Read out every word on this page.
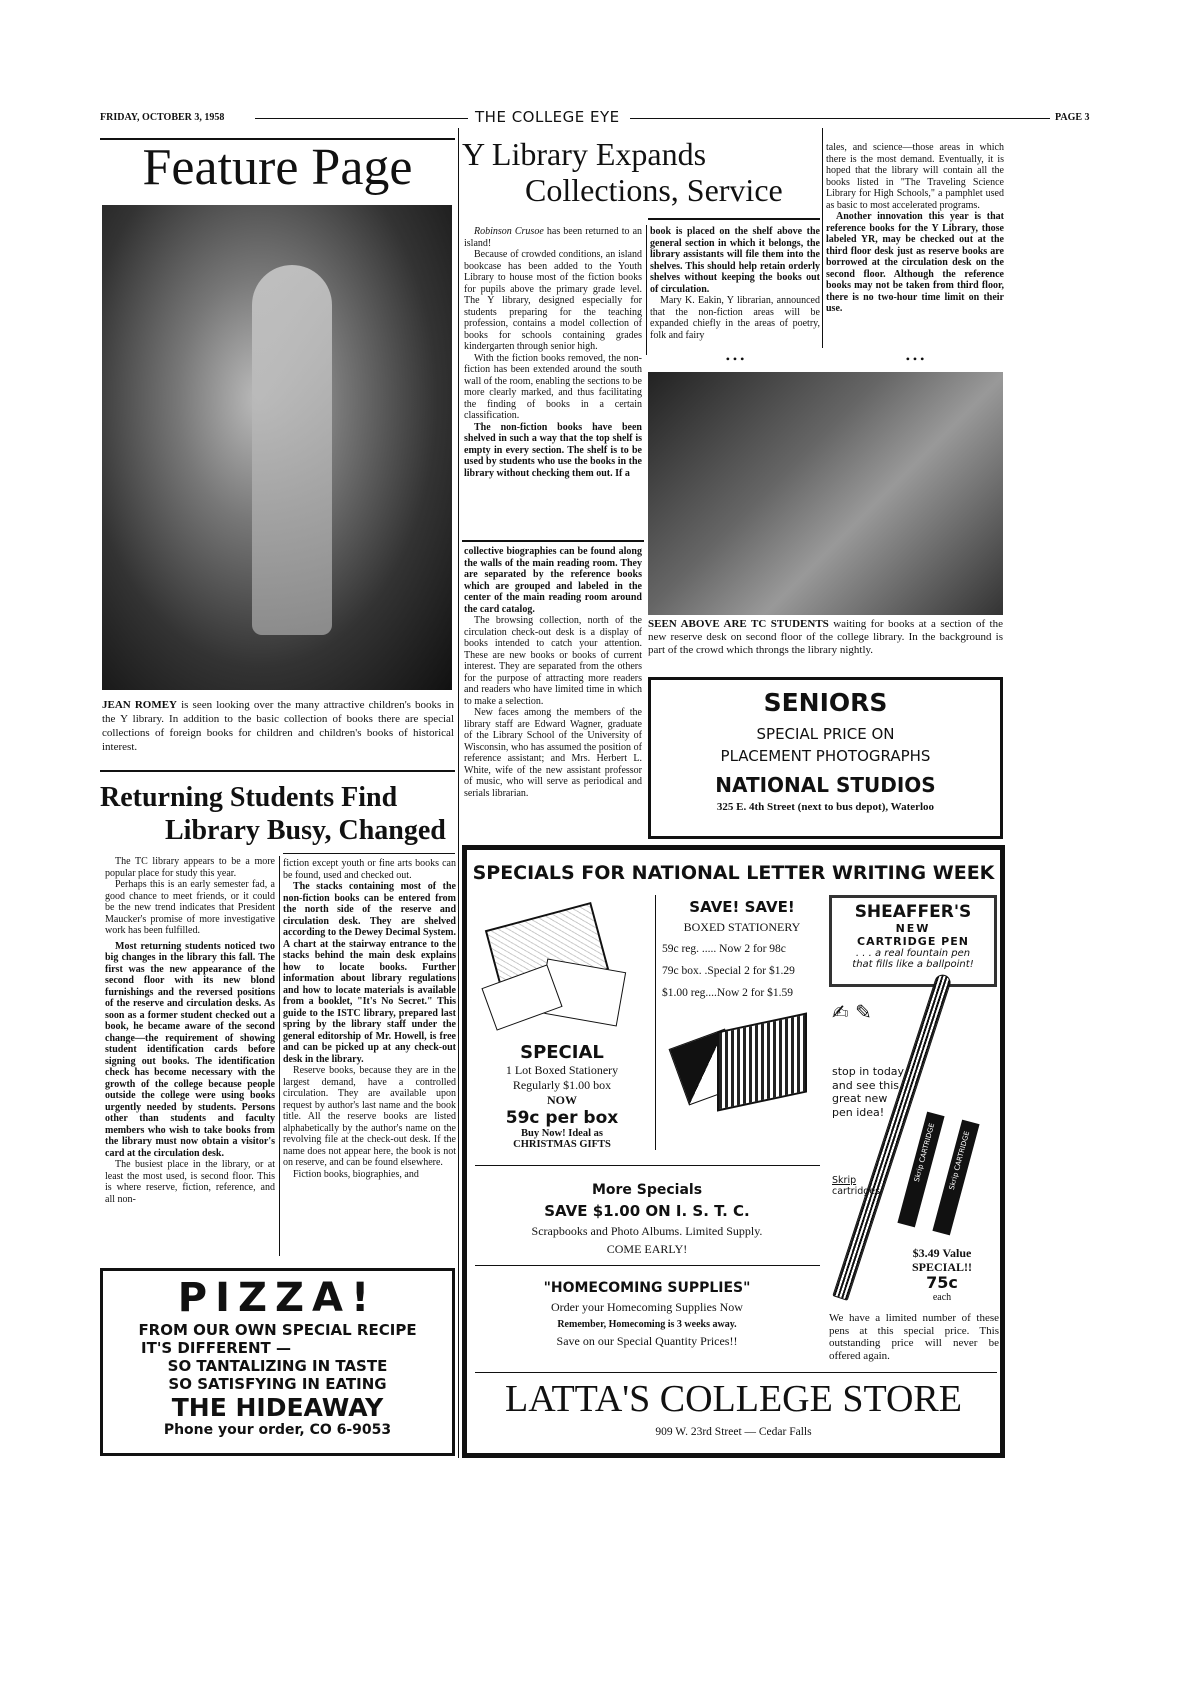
FRIDAY, OCTOBER 3, 1958	THE COLLEGE EYE	PAGE 3
Feature Page
JEAN ROMEY is seen looking over the many attractive children's books in the Y library. In addition to the basic collection of books there are special collections of foreign books for children and children's books of historical interest.
Returning Students Find
Library Busy, Changed

The TC library appears to be a more popular place for study this year.

Perhaps this is an early semester fad, a good chance to meet friends, or it could be the new trend indicates that President Maucker's promise of more investigative work has been fulfilled.

Most returning students noticed two big changes in the library this fall. The first was the new appearance of the second floor with its new blond furnishings and the reversed positions of the reserve and circulation desks. As soon as a former student checked out a book, he became aware of the second change—the requirement of showing student identification cards before signing out books. The identification check has become necessary with the growth of the college because people outside the college were using books urgently needed by students. Persons other than students and faculty members who wish to take books from the library must now obtain a visitor's card at the circulation desk.

The busiest place in the library, or at least the most used, is second floor. This is where reserve, fiction, reference, and all non-

fiction except youth or fine arts books can be found, used and checked out.

The stacks containing most of the non-fiction books can be entered from the north side of the reserve and circulation desk. They are shelved according to the Dewey Decimal System. A chart at the stairway entrance to the stacks behind the main desk explains how to locate books. Further information about library regulations and how to locate materials is available from a booklet, "It's No Secret." This guide to the ISTC library, prepared last spring by the library staff under the general editorship of Mr. Howell, is free and can be picked up at any check-out desk in the library.

Reserve books, because they are in the largest demand, have a controlled circulation. They are available upon request by author's last name and the book title. All the reserve books are listed alphabetically by the author's name on the revolving file at the check-out desk. If the name does not appear here, the book is not on reserve, and can be found elsewhere.

Fiction books, biographies, and

PIZZA!
FROM OUR OWN SPECIAL RECIPE
IT'S DIFFERENT —
SO TANTALIZING IN TASTE
SO SATISFYING IN EATING
THE HIDEAWAY
Phone your order, CO 6-9053
Y Library Expands
Collections, Service

Robinson Crusoe has been returned to an island!

Because of crowded conditions, an island bookcase has been added to the Youth Library to house most of the fiction books for pupils above the primary grade level. The Y library, designed especially for students preparing for the teaching profession, contains a model collection of books for schools containing grades kindergarten through senior high.

With the fiction books removed, the non-fiction has been extended around the south wall of the room, enabling the sections to be more clearly marked, and thus facilitating the finding of books in a certain classification.

The non-fiction books have been shelved in such a way that the top shelf is empty in every section. The shelf is to be used by students who use the books in the library without checking them out. If a

collective biographies can be found along the walls of the main reading room. They are separated by the reference books which are grouped and labeled in the center of the main reading room around the card catalog.

The browsing collection, north of the circulation check-out desk is a display of books intended to catch your attention. These are new books or books of current interest. They are separated from the others for the purpose of attracting more readers and readers who have limited time in which to make a selection.

New faces among the members of the library staff are Edward Wagner, graduate of the Library School of the University of Wisconsin, who has assumed the position of reference assistant; and Mrs. Herbert L. White, wife of the new assistant professor of music, who will serve as periodical and serials librarian.

book is placed on the shelf above the general section in which it belongs, the library assistants will file them into the shelves. This should help retain orderly shelves without keeping the books out of circulation.

Mary K. Eakin, Y librarian, announced that the non-fiction areas will be expanded chiefly in the areas of poetry, folk and fairy

• • •

tales, and science—those areas in which there is the most demand. Eventually, it is hoped that the library will contain all the books listed in "The Traveling Science Library for High Schools," a pamphlet used as basic to most accelerated programs.

Another innovation this year is that reference books for the Y Library, those labeled YR, may be checked out at the third floor desk just as reserve books are borrowed at the circulation desk on the second floor. Although the reference books may not be taken from third floor, there is no two-hour time limit on their use.

• • •
SEEN ABOVE ARE TC STUDENTS waiting for books at a section of the new reserve desk on second floor of the college library. In the background is part of the crowd which throngs the library nightly.
SENIORS
SPECIAL PRICE ON
PLACEMENT PHOTOGRAPHS
NATIONAL STUDIOS
325 E. 4th Street (next to bus depot), Waterloo
SPECIALS FOR NATIONAL LETTER WRITING WEEK
SPECIAL
1 Lot Boxed Stationery
Regularly $1.00 box
NOW
59c per box
Buy Now! Ideal as
CHRISTMAS GIFTS
SAVE! SAVE!
BOXED STATIONERY
59c reg. ..... Now 2 for 98c
79c box. .Special 2 for $1.29
$1.00 reg....Now 2 for $1.59
SHEAFFER'S
NEW
CARTRIDGE PEN
. . . a real fountain pen
that fills like a ballpoint!
Skrip CARTRIDGE Skrip CARTRIDGE
✍ ✎
stop in today
and see this
great new
pen idea!
Skrip
cartridges
$3.49 Value
SPECIAL!!
75c
each
We have a limited number of these pens at this special price. This outstanding price will never be offered again.
More Specials
SAVE $1.00 ON I. S. T. C.
Scrapbooks and Photo Albums. Limited Supply.
COME EARLY!
"HOMECOMING SUPPLIES"
Order your Homecoming Supplies Now
Remember, Homecoming is 3 weeks away.
Save on our Special Quantity Prices!!
LATTA'S COLLEGE STORE
909 W. 23rd Street — Cedar Falls
